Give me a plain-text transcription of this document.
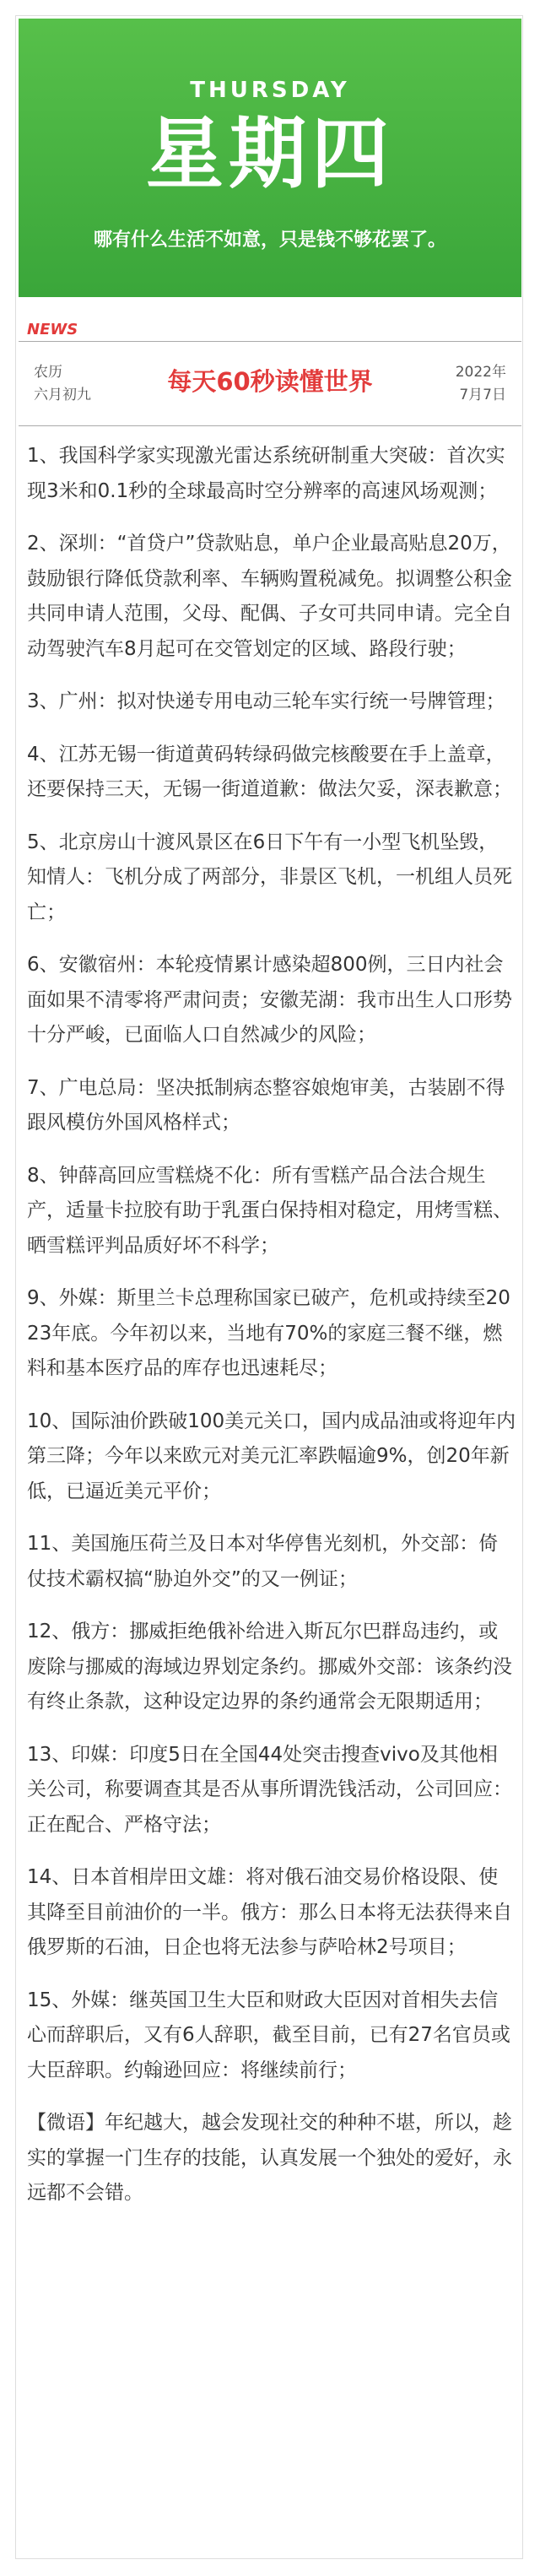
THURSDAY
星期四
哪有什么生活不如意，只是钱不够花罢了。
NEWS
农历
六月初九	每天60秒读懂世界	2022年
7月7日

1、我国科学家实现激光雷达系统研制重大突破：首次实现3米和0.1秒的全球最高时空分辨率的高速风场观测；

2、深圳：“首贷户”贷款贴息，单户企业最高贴息20万，鼓励银行降低贷款利率、车辆购置税减免。拟调整公积金共同申请人范围，父母、配偶、子女可共同申请。完全自动驾驶汽车8月起可在交管划定的区域、路段行驶；

3、广州：拟对快递专用电动三轮车实行统一号牌管理；

4、江苏无锡一街道黄码转绿码做完核酸要在手上盖章，还要保持三天，无锡一街道道歉：做法欠妥，深表歉意；

5、北京房山十渡风景区在6日下午有一小型飞机坠毁，知情人：飞机分成了两部分，非景区飞机，一机组人员死亡；

6、安徽宿州：本轮疫情累计感染超800例，三日内社会面如果不清零将严肃问责；安徽芜湖：我市出生人口形势十分严峻，已面临人口自然减少的风险；

7、广电总局：坚决抵制病态整容娘炮审美，古装剧不得跟风模仿外国风格样式；

8、钟薛高回应雪糕烧不化：所有雪糕产品合法合规生产，适量卡拉胶有助于乳蛋白保持相对稳定，用烤雪糕、晒雪糕评判品质好坏不科学；

9、外媒：斯里兰卡总理称国家已破产，危机或持续至2023年底。今年初以来，当地有70%的家庭三餐不继，燃料和基本医疗品的库存也迅速耗尽；

10、国际油价跌破100美元关口，国内成品油或将迎年内第三降；今年以来欧元对美元汇率跌幅逾9%，创20年新低，已逼近美元平价；

11、美国施压荷兰及日本对华停售光刻机，外交部：倚仗技术霸权搞“胁迫外交”的又一例证；

12、俄方：挪威拒绝俄补给进入斯瓦尔巴群岛违约，或废除与挪威的海域边界划定条约。挪威外交部：该条约没有终止条款，这种设定边界的条约通常会无限期适用；

13、印媒：印度5日在全国44处突击搜查vivo及其他相关公司，称要调查其是否从事所谓洗钱活动，公司回应：正在配合、严格守法；

14、日本首相岸田文雄：将对俄石油交易价格设限、使其降至目前油价的一半。俄方：那么日本将无法获得来自俄罗斯的石油，日企也将无法参与萨哈林2号项目；

15、外媒：继英国卫生大臣和财政大臣因对首相失去信心而辞职后，又有6人辞职，截至目前，已有27名官员或大臣辞职。约翰逊回应：将继续前行；

【微语】年纪越大，越会发现社交的种种不堪，所以，趁实的掌握一门生存的技能，认真发展一个独处的爱好，永远都不会错。
